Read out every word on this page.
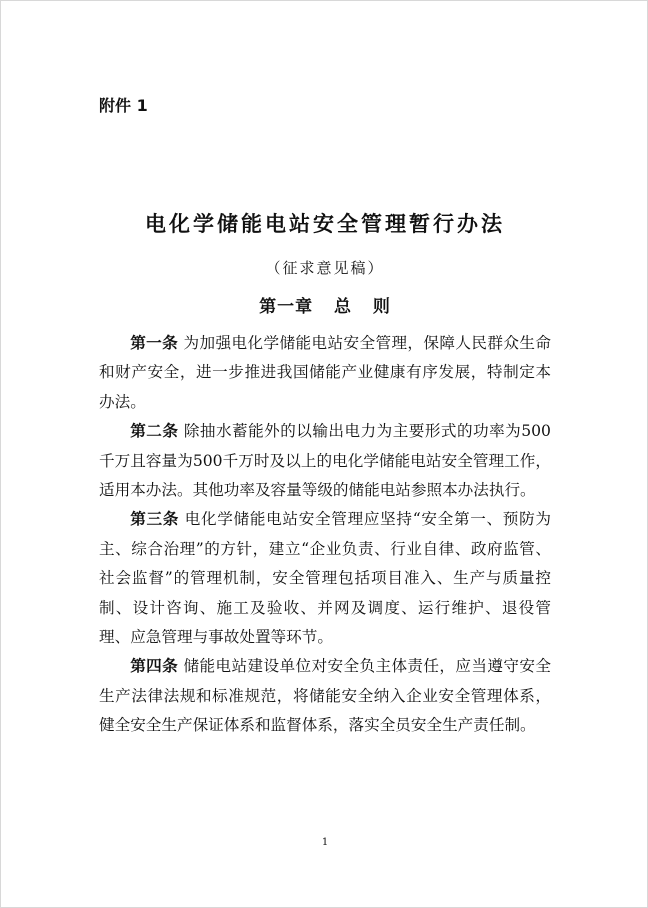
附件 1
电化学储能电站安全管理暂行办法
（征求意见稿）
第一章 总 则

第一条 为加强电化学储能电站安全管理，保障人民群众生命和财产安全，进一步推进我国储能产业健康有序发展，特制定本办法。

第二条 除抽水蓄能外的以输出电力为主要形式的功率为500千万且容量为500千万时及以上的电化学储能电站安全管理工作，适用本办法。其他功率及容量等级的储能电站参照本办法执行。

第三条 电化学储能电站安全管理应坚持“安全第一、预防为主、综合治理”的方针，建立“企业负责、行业自律、政府监管、社会监督”的管理机制，安全管理包括项目准入、生产与质量控制、设计咨询、施工及验收、并网及调度、运行维护、退役管理、应急管理与事故处置等环节。

第四条 储能电站建设单位对安全负主体责任，应当遵守安全生产法律法规和标准规范，将储能安全纳入企业安全管理体系，健全安全生产保证体系和监督体系，落实全员安全生产责任制。

1
